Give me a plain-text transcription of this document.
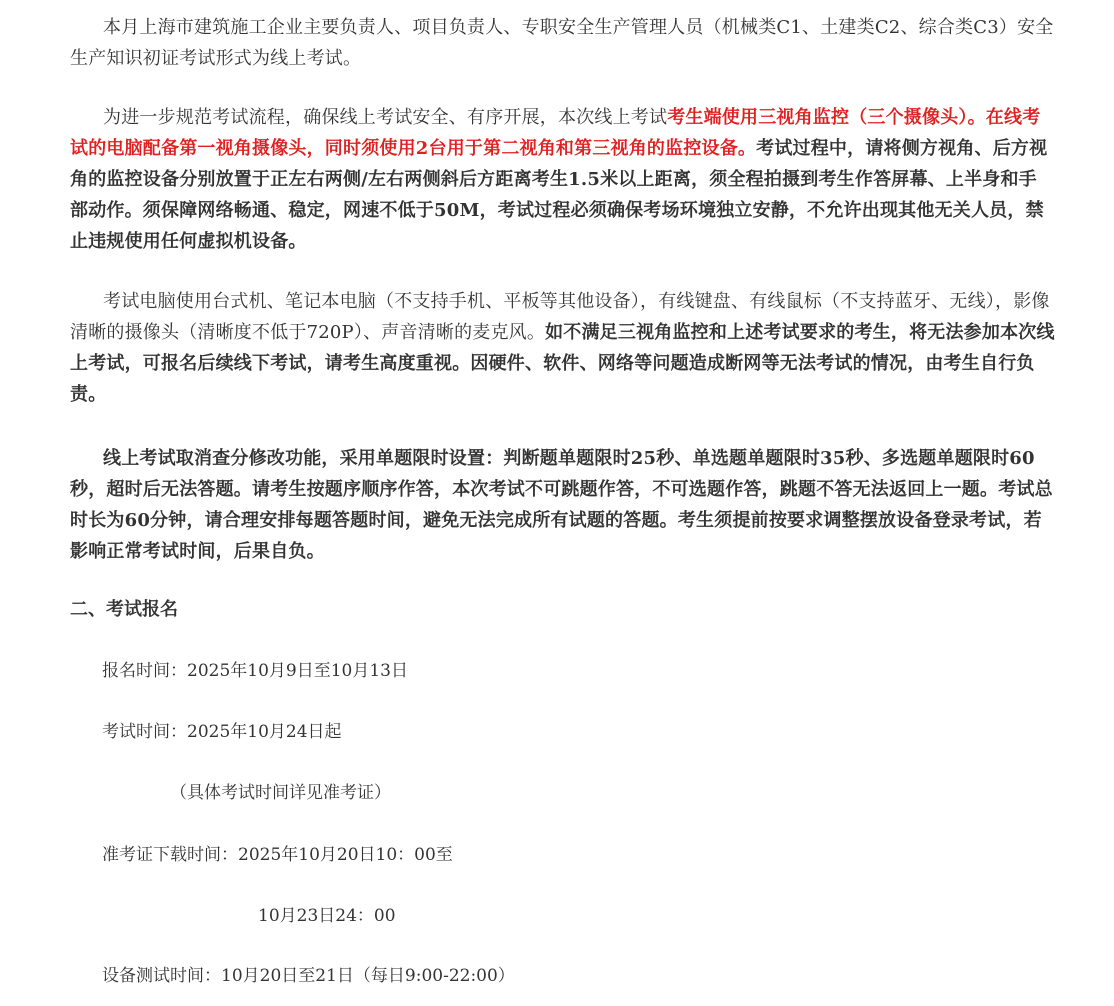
本月上海市建筑施工企业主要负责人、项目负责人、专职安全生产管理人员（机械类C1、土建类C2、综合类C3）安全生产知识初证考试形式为线上考试。

为进一步规范考试流程，确保线上考试安全、有序开展，本次线上考试考生端使用三视角监控（三个摄像头）。在线考试的电脑配备第一视角摄像头，同时须使用2台用于第二视角和第三视角的监控设备。考试过程中，请将侧方视角、后方视角的监控设备分别放置于正左右两侧/左右两侧斜后方距离考生1.5米以上距离，须全程拍摄到考生作答屏幕、上半身和手部动作。须保障网络畅通、稳定，网速不低于50M，考试过程必须确保考场环境独立安静，不允许出现其他无关人员，禁止违规使用任何虚拟机设备。

考试电脑使用台式机、笔记本电脑（不支持手机、平板等其他设备），有线键盘、有线鼠标（不支持蓝牙、无线），影像清晰的摄像头（清晰度不低于720P）、声音清晰的麦克风。如不满足三视角监控和上述考试要求的考生，将无法参加本次线上考试，可报名后续线下考试，请考生高度重视。因硬件、软件、网络等问题造成断网等无法考试的情况，由考生自行负责。

线上考试取消查分修改功能，采用单题限时设置：判断题单题限时25秒、单选题单题限时35秒、多选题单题限时60秒，超时后无法答题。请考生按题序顺序作答，本次考试不可跳题作答，不可选题作答，跳题不答无法返回上一题。考试总时长为60分钟，请合理安排每题答题时间，避免无法完成所有试题的答题。考生须提前按要求调整摆放设备登录考试，若影响正常考试时间，后果自负。

二、考试报名

报名时间：2025年10月9日至10月13日

考试时间：2025年10月24日起

（具体考试时间详见准考证）

准考证下载时间：2025年10月20日10：00至

10月23日24：00

设备测试时间：10月20日至21日（每日9:00-22:00）
